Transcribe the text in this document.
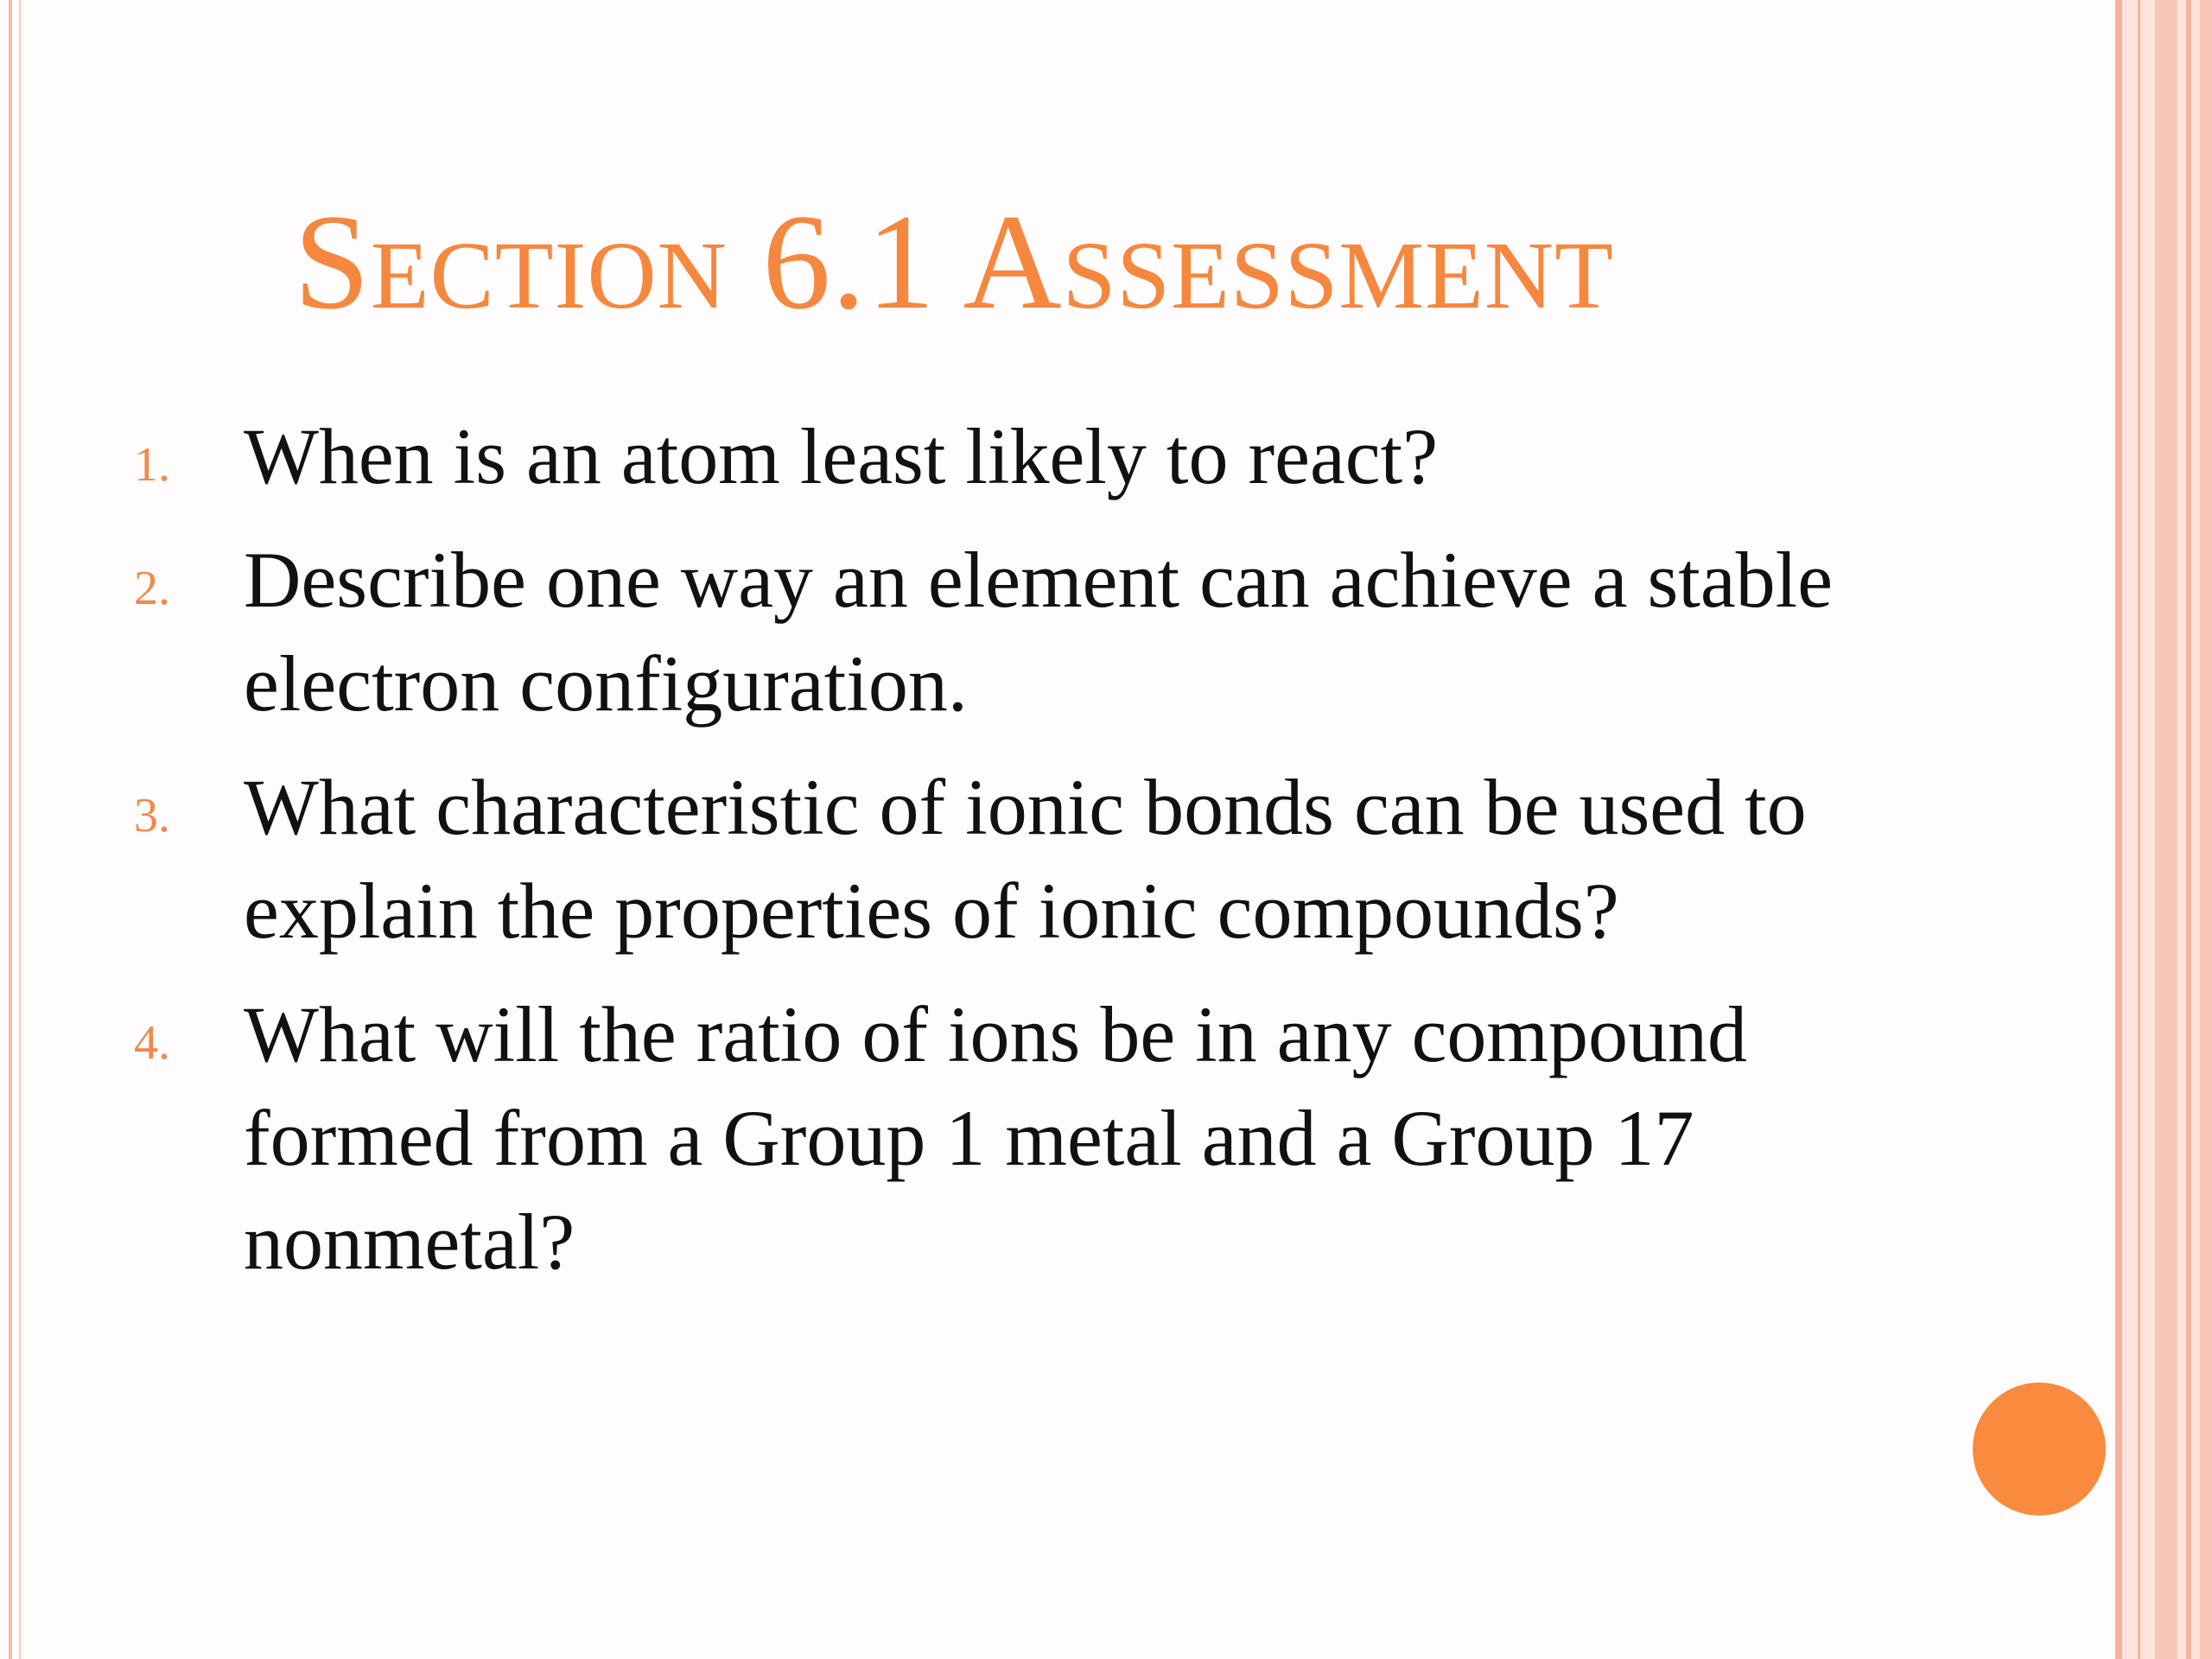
Section 6.1 Assessment
1. When is an atom least likely to react?
2. Describe one way an element can achieve a stable electron configuration.
3. What characteristic of ionic bonds can be used to explain the properties of ionic compounds?
4. What will the ratio of ions be in any compound formed from a Group 1 metal and a Group 17 nonmetal?
